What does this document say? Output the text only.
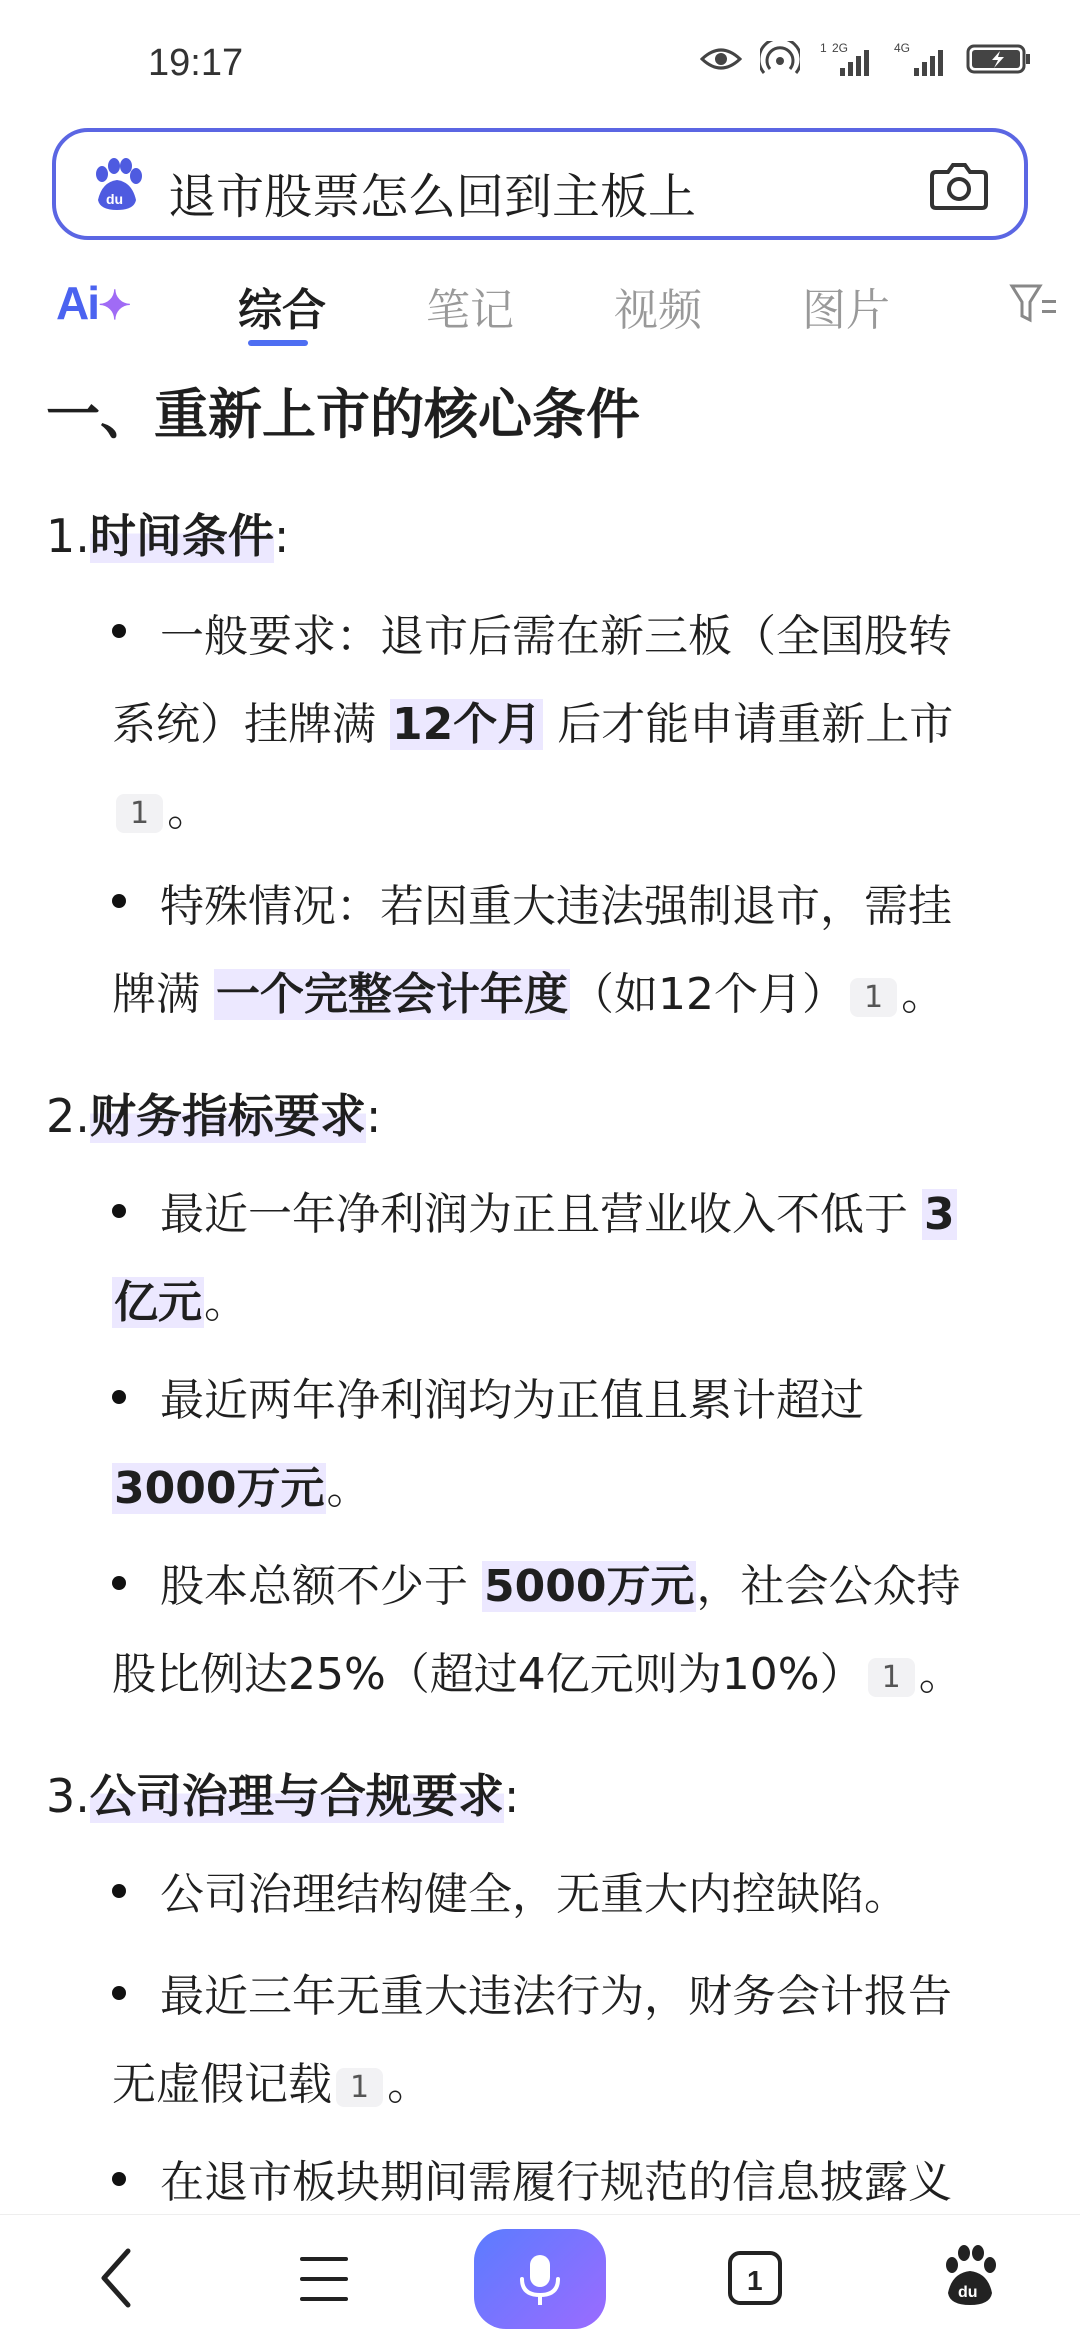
19:17	1 2G	4G
du 退市股票怎么回到主板上
Ai✦ 综合 笔记 视频 图片
一、重新上市的核心条件
1.时间条件:
一般要求：退市后需在新三板（全国股转
系统）挂牌满 12个月 后才能申请重新上市
1 。
特殊情况：若因重大违法强制退市，需挂
牌满 一个完整会计年度（如12个月） 1 。
2.财务指标要求:
最近一年净利润为正且营业收入不低于 3
亿元。
最近两年净利润均为正值且累计超过
3000万元。
股本总额不少于 5000万元，社会公众持
股比例达25%（超过4亿元则为10%） 1 。
3.公司治理与合规要求:
公司治理结构健全，无重大内控缺陷。
最近三年无重大违法行为，财务会计报告
无虚假记载 1 。
在退市板块期间需履行规范的信息披露义
1	du
